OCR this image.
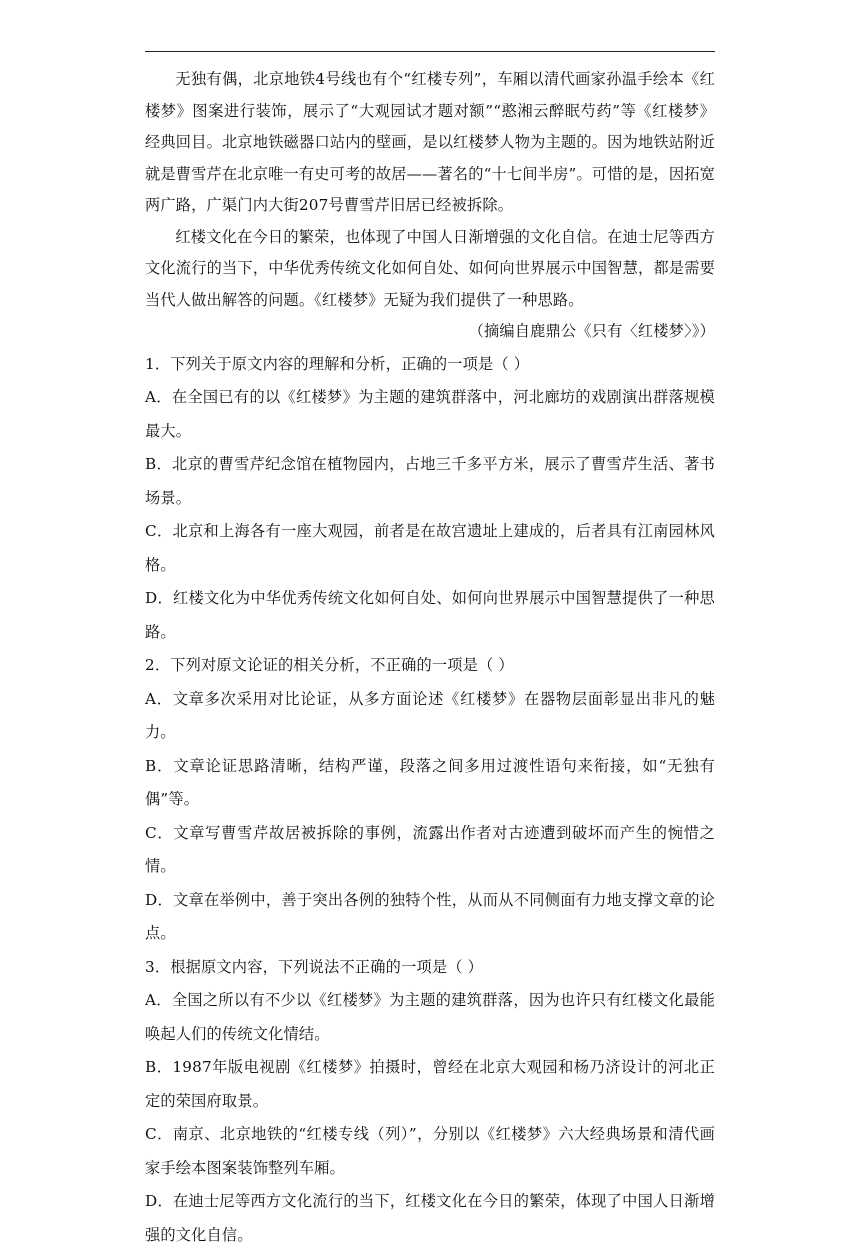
无独有偶，北京地铁4号线也有个“红楼专列”，车厢以清代画家孙温手绘本《红楼梦》图案进行装饰，展示了“大观园试才题对额”“憨湘云醉眠芍药”等《红楼梦》经典回目。北京地铁磁器口站内的壁画，是以红楼梦人物为主题的。因为地铁站附近就是曹雪芹在北京唯一有史可考的故居——著名的“十七间半房”。可惜的是，因拓宽两广路，广渠门内大街207号曹雪芹旧居已经被拆除。

红楼文化在今日的繁荣，也体现了中国人日渐增强的文化自信。在迪士尼等西方文化流行的当下，中华优秀传统文化如何自处、如何向世界展示中国智慧，都是需要当代人做出解答的问题。《红楼梦》无疑为我们提供了一种思路。

（摘编自鹿鼎公《只有〈红楼梦〉》）

1．下列关于原文内容的理解和分析，正确的一项是（ ）

A．在全国已有的以《红楼梦》为主题的建筑群落中，河北廊坊的戏剧演出群落规模最大。

B．北京的曹雪芹纪念馆在植物园内，占地三千多平方米，展示了曹雪芹生活、著书场景。

C．北京和上海各有一座大观园，前者是在故宫遗址上建成的，后者具有江南园林风格。

D．红楼文化为中华优秀传统文化如何自处、如何向世界展示中国智慧提供了一种思路。

2．下列对原文论证的相关分析，不正确的一项是（ ）

A．文章多次采用对比论证，从多方面论述《红楼梦》在器物层面彰显出非凡的魅力。

B．文章论证思路清晰，结构严谨，段落之间多用过渡性语句来衔接，如“无独有偶”等。

C．文章写曹雪芹故居被拆除的事例，流露出作者对古迹遭到破坏而产生的惋惜之情。

D．文章在举例中，善于突出各例的独特个性，从而从不同侧面有力地支撑文章的论点。

3．根据原文内容，下列说法不正确的一项是（ ）

A．全国之所以有不少以《红楼梦》为主题的建筑群落，因为也许只有红楼文化最能唤起人们的传统文化情结。

B．1987年版电视剧《红楼梦》拍摄时，曾经在北京大观园和杨乃济设计的河北正定的荣国府取景。

C．南京、北京地铁的“红楼专线（列）”，分别以《红楼梦》六大经典场景和清代画家手绘本图案装饰整列车厢。

D．在迪士尼等西方文化流行的当下，红楼文化在今日的繁荣，体现了中国人日渐增强的文化自信。
